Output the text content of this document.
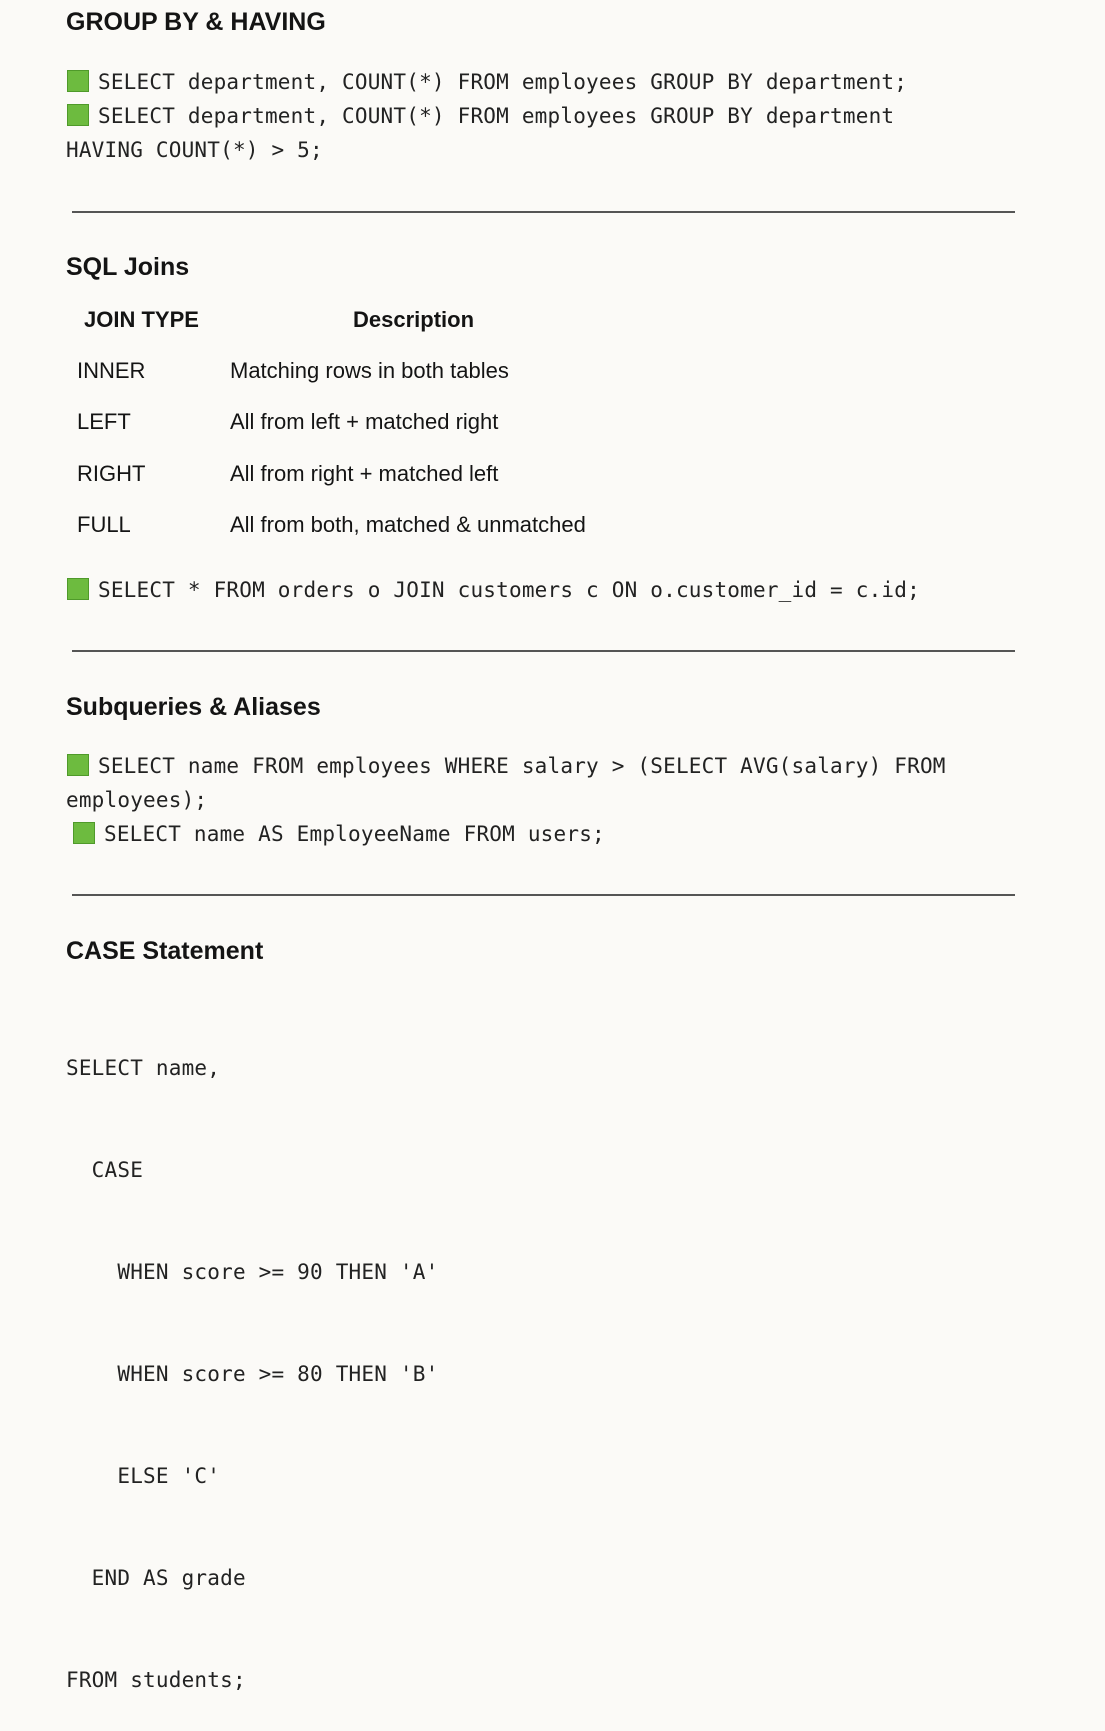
GROUP BY & HAVING
SELECT department, COUNT(*) FROM employees GROUP BY department;
SELECT department, COUNT(*) FROM employees GROUP BY department
HAVING COUNT(*) > 5;
SQL Joins
JOIN TYPE	Description
INNER	Matching rows in both tables
LEFT	All from left + matched right
RIGHT	All from right + matched left
FULL	All from both, matched & unmatched
SELECT * FROM orders o JOIN customers c ON o.customer_id = c.id;
Subqueries & Aliases
SELECT name FROM employees WHERE salary > (SELECT AVG(salary) FROM
employees);
SELECT name AS EmployeeName FROM users;
CASE Statement

SELECT name,

CASE

WHEN score >= 90 THEN 'A'

WHEN score >= 80 THEN 'B'

ELSE 'C'

END AS grade

FROM students;
